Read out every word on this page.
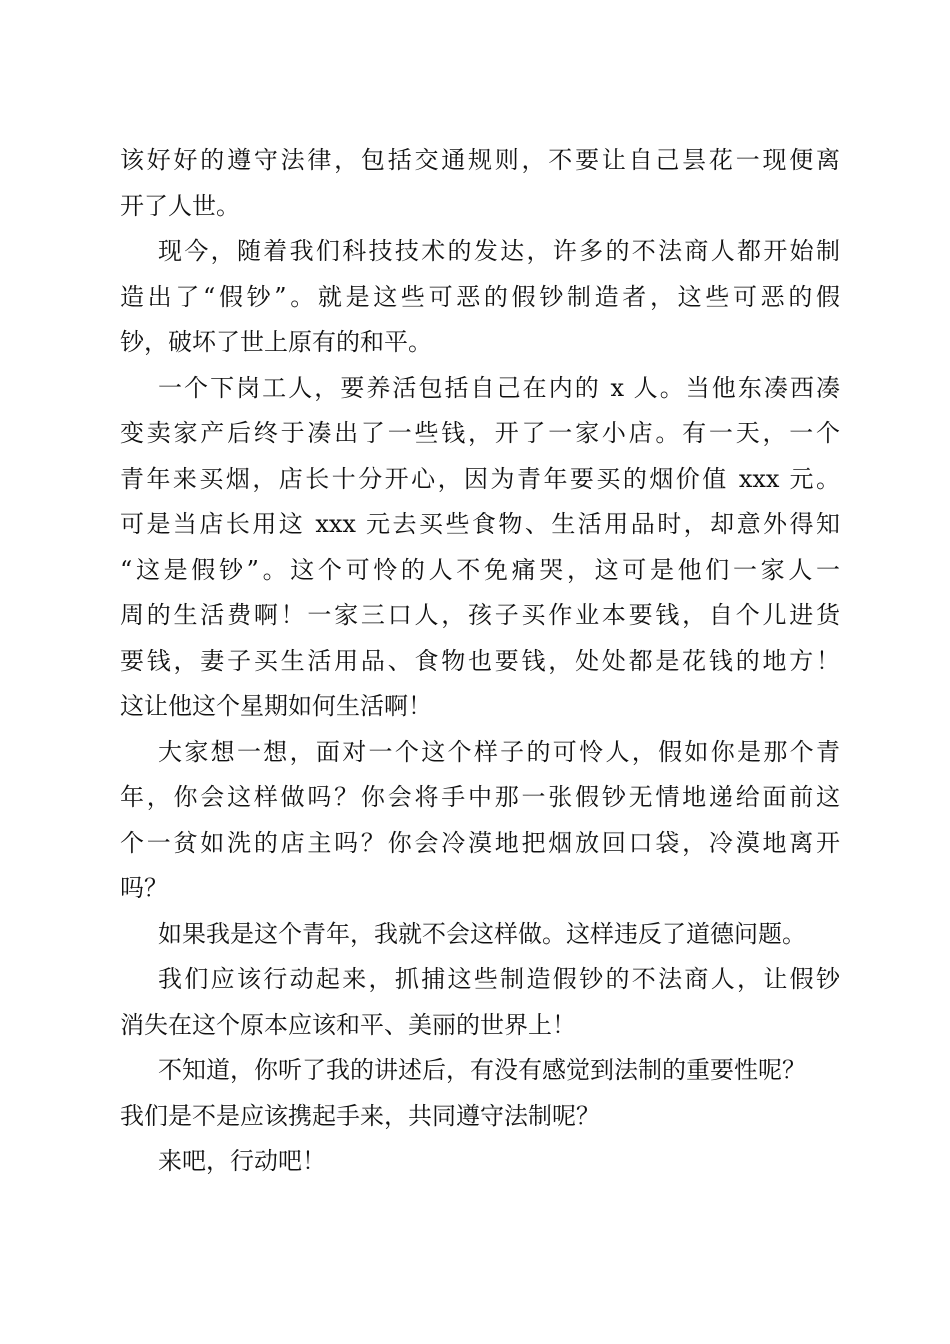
该好好的遵守法律，包括交通规则，不要让自己昙花一现便离
开了人世。
现今，随着我们科技技术的发达，许多的不法商人都开始制
造出了“假钞”。就是这些可恶的假钞制造者，这些可恶的假
钞，破坏了世上原有的和平。
一个下岗工人，要养活包括自己在内的 x 人。当他东凑西凑
变卖家产后终于凑出了一些钱，开了一家小店。有一天，一个
青年来买烟，店长十分开心，因为青年要买的烟价值 xxx 元。
可是当店长用这 xxx 元去买些食物、生活用品时，却意外得知
“这是假钞”。这个可怜的人不免痛哭，这可是他们一家人一
周的生活费啊！一家三口人，孩子买作业本要钱，自个儿进货
要钱，妻子买生活用品、食物也要钱，处处都是花钱的地方！
这让他这个星期如何生活啊！
大家想一想，面对一个这个样子的可怜人，假如你是那个青
年，你会这样做吗？你会将手中那一张假钞无情地递给面前这
个一贫如洗的店主吗？你会冷漠地把烟放回口袋，冷漠地离开
吗？
如果我是这个青年，我就不会这样做。这样违反了道德问题。
我们应该行动起来，抓捕这些制造假钞的不法商人，让假钞
消失在这个原本应该和平、美丽的世界上！
不知道，你听了我的讲述后，有没有感觉到法制的重要性呢？
我们是不是应该携起手来，共同遵守法制呢？
来吧，行动吧！
